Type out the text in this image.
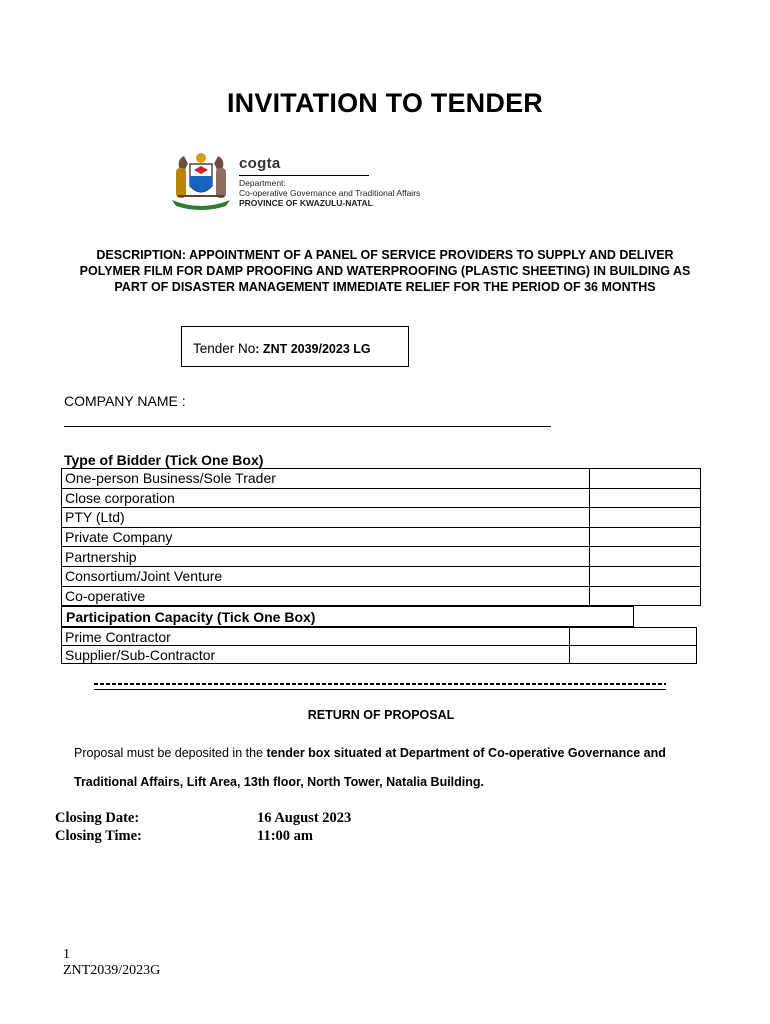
INVITATION TO TENDER
cogta
Department:
Co-operative Governance and Traditional Affairs
PROVINCE OF KWAZULU-NATAL
DESCRIPTION: APPOINTMENT OF A PANEL OF SERVICE PROVIDERS TO SUPPLY AND DELIVER POLYMER FILM FOR DAMP PROOFING AND WATERPROOFING (PLASTIC SHEETING) IN BUILDING AS PART OF DISASTER MANAGEMENT IMMEDIATE RELIEF FOR THE PERIOD OF 36 MONTHS
Tender No: ZNT 2039/2023 LG
COMPANY NAME :
Type of Bidder (Tick One Box)
One-person Business/Sole Trader	
Close corporation	
PTY (Ltd)	
Private Company	
Partnership	
Consortium/Joint Venture	
Co-operative	
Participation Capacity (Tick One Box)
Prime Contractor	
Supplier/Sub-Contractor	
RETURN OF PROPOSAL
Proposal must be deposited in the tender box situated at Department of Co-operative Governance and Traditional Affairs, Lift Area, 13th floor, North Tower, Natalia Building.
Closing Date:	16 August 2023
Closing Time:	11:00 am
1
ZNT2039/2023G
